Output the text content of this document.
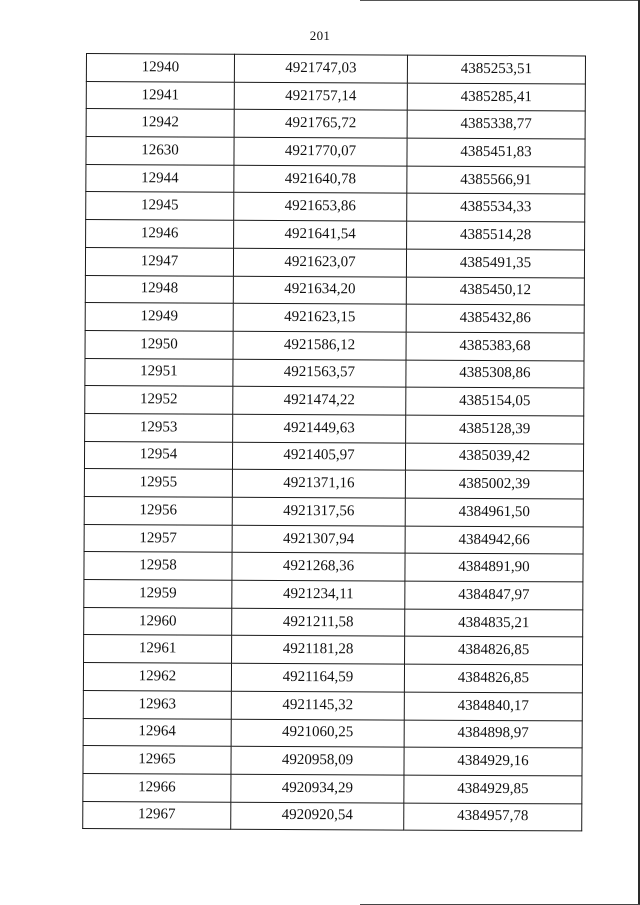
201
12940	4921747,03	4385253,51
12941	4921757,14	4385285,41
12942	4921765,72	4385338,77
12630	4921770,07	4385451,83
12944	4921640,78	4385566,91
12945	4921653,86	4385534,33
12946	4921641,54	4385514,28
12947	4921623,07	4385491,35
12948	4921634,20	4385450,12
12949	4921623,15	4385432,86
12950	4921586,12	4385383,68
12951	4921563,57	4385308,86
12952	4921474,22	4385154,05
12953	4921449,63	4385128,39
12954	4921405,97	4385039,42
12955	4921371,16	4385002,39
12956	4921317,56	4384961,50
12957	4921307,94	4384942,66
12958	4921268,36	4384891,90
12959	4921234,11	4384847,97
12960	4921211,58	4384835,21
12961	4921181,28	4384826,85
12962	4921164,59	4384826,85
12963	4921145,32	4384840,17
12964	4921060,25	4384898,97
12965	4920958,09	4384929,16
12966	4920934,29	4384929,85
12967	4920920,54	4384957,78
